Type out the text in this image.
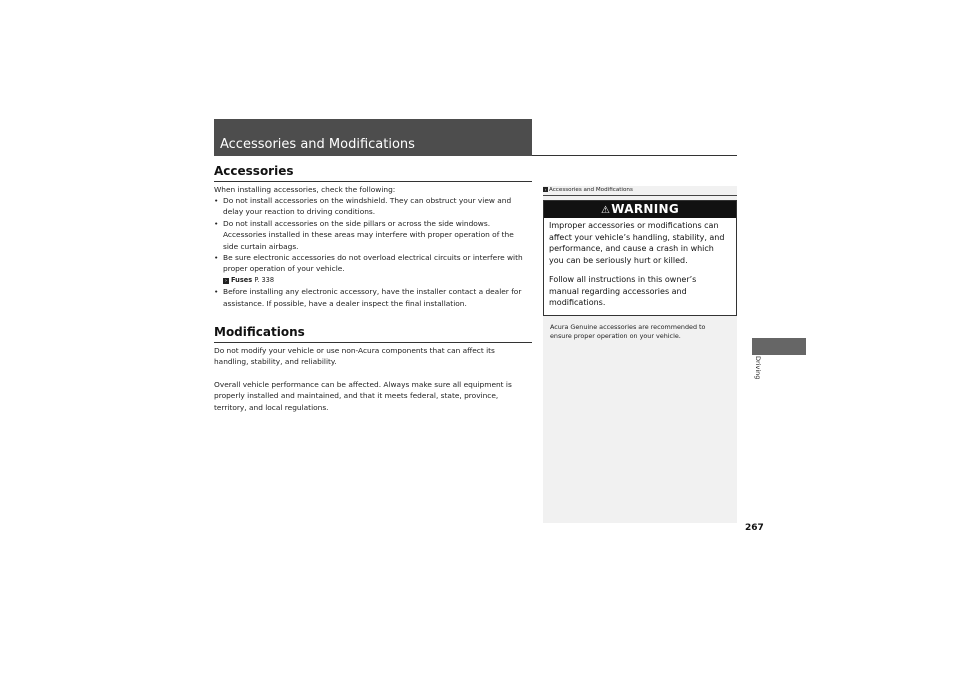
Accessories and Modifications
Accessories
When installing accessories, check the following:
• Do not install accessories on the windshield. They can obstruct your view and
delay your reaction to driving conditions.
• Do not install accessories on the side pillars or across the side windows.
Accessories installed in these areas may interfere with proper operation of the
side curtain airbags.
• Be sure electronic accessories do not overload electrical circuits or interfere with
proper operation of your vehicle.
› Fuses P. 338
• Before installing any electronic accessory, have the installer contact a dealer for
assistance. If possible, have a dealer inspect the final installation.
Modifications
Do not modify your vehicle or use non-Acura components that can affect its
handling, stability, and reliability.
Overall vehicle performance can be affected. Always make sure all equipment is
properly installed and maintained, and that it meets federal, state, province,
territory, and local regulations.
› Accessories and Modifications
⚠WARNING
Improper accessories or modifications can
affect your vehicle’s handling, stability, and
performance, and cause a crash in which
you can be seriously hurt or killed.
Follow all instructions in this owner’s
manual regarding accessories and
modifications.
Acura Genuine accessories are recommended to
ensure proper operation on your vehicle.
Driving
267
